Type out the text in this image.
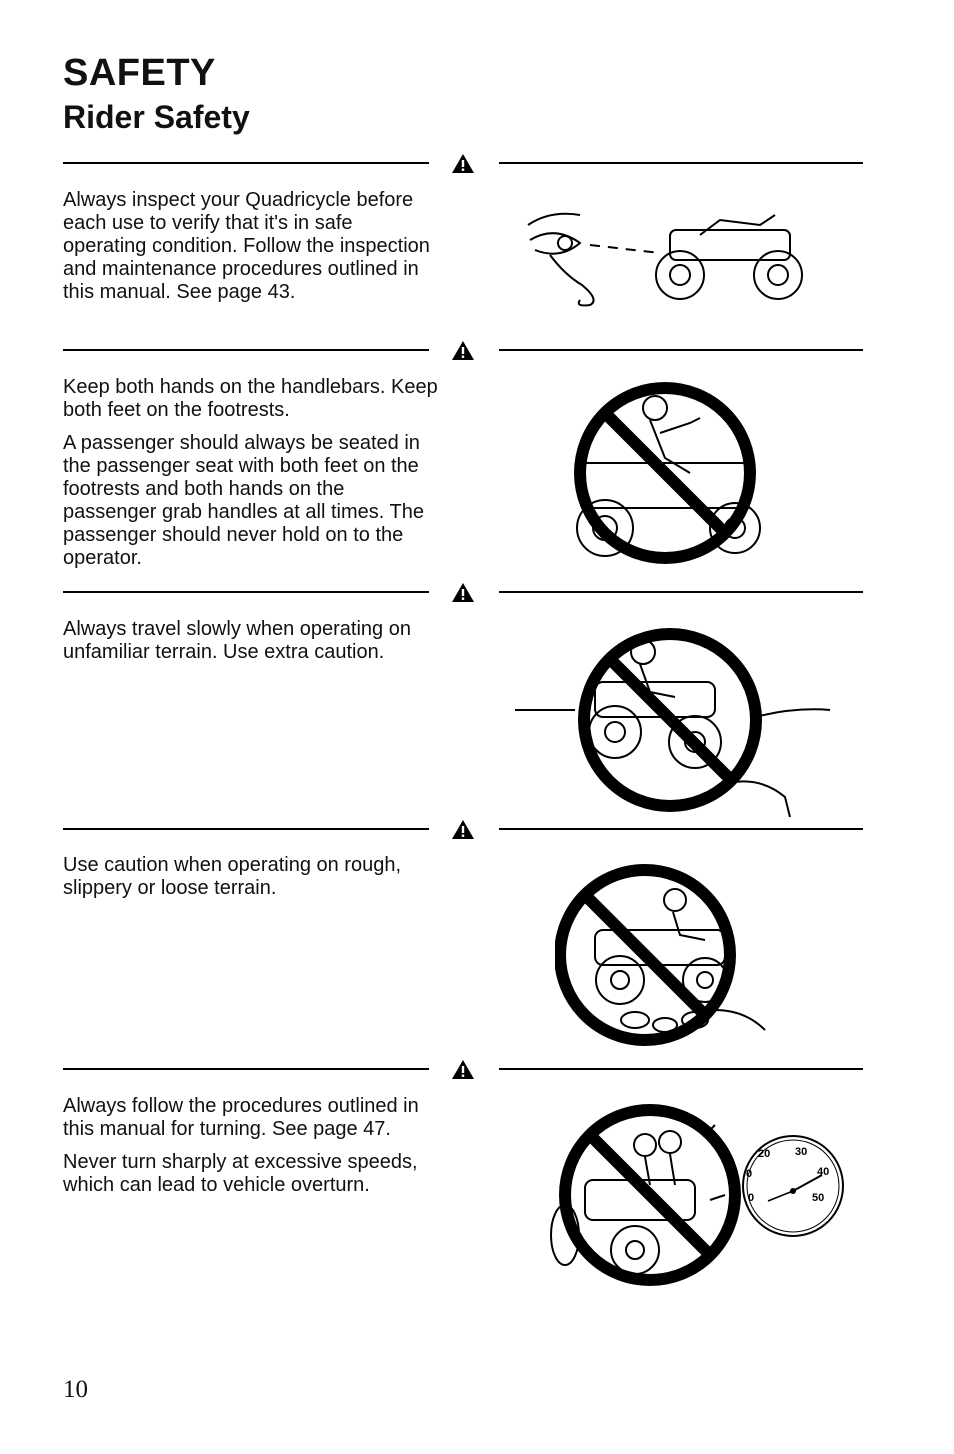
SAFETY
Rider Safety

Always inspect your Quadricycle before each use to verify that it's in safe operating condition. Follow the inspection and maintenance procedures outlined in this manual. See page 43.

Keep both hands on the handlebars. Keep both feet on the footrests.

A passenger should always be seated in the passenger seat with both feet on the footrests and both hands on the passenger grab handles at all times. The passenger should never hold on to the operator.

Always travel slowly when operating on unfamiliar terrain. Use extra caution.

Use caution when operating on rough, slippery or loose terrain.

Always follow the procedures outlined in this manual for turning. See page 47.

Never turn sharply at excessive speeds, which can lead to vehicle overturn.

20 30
40
50
0
0
10
